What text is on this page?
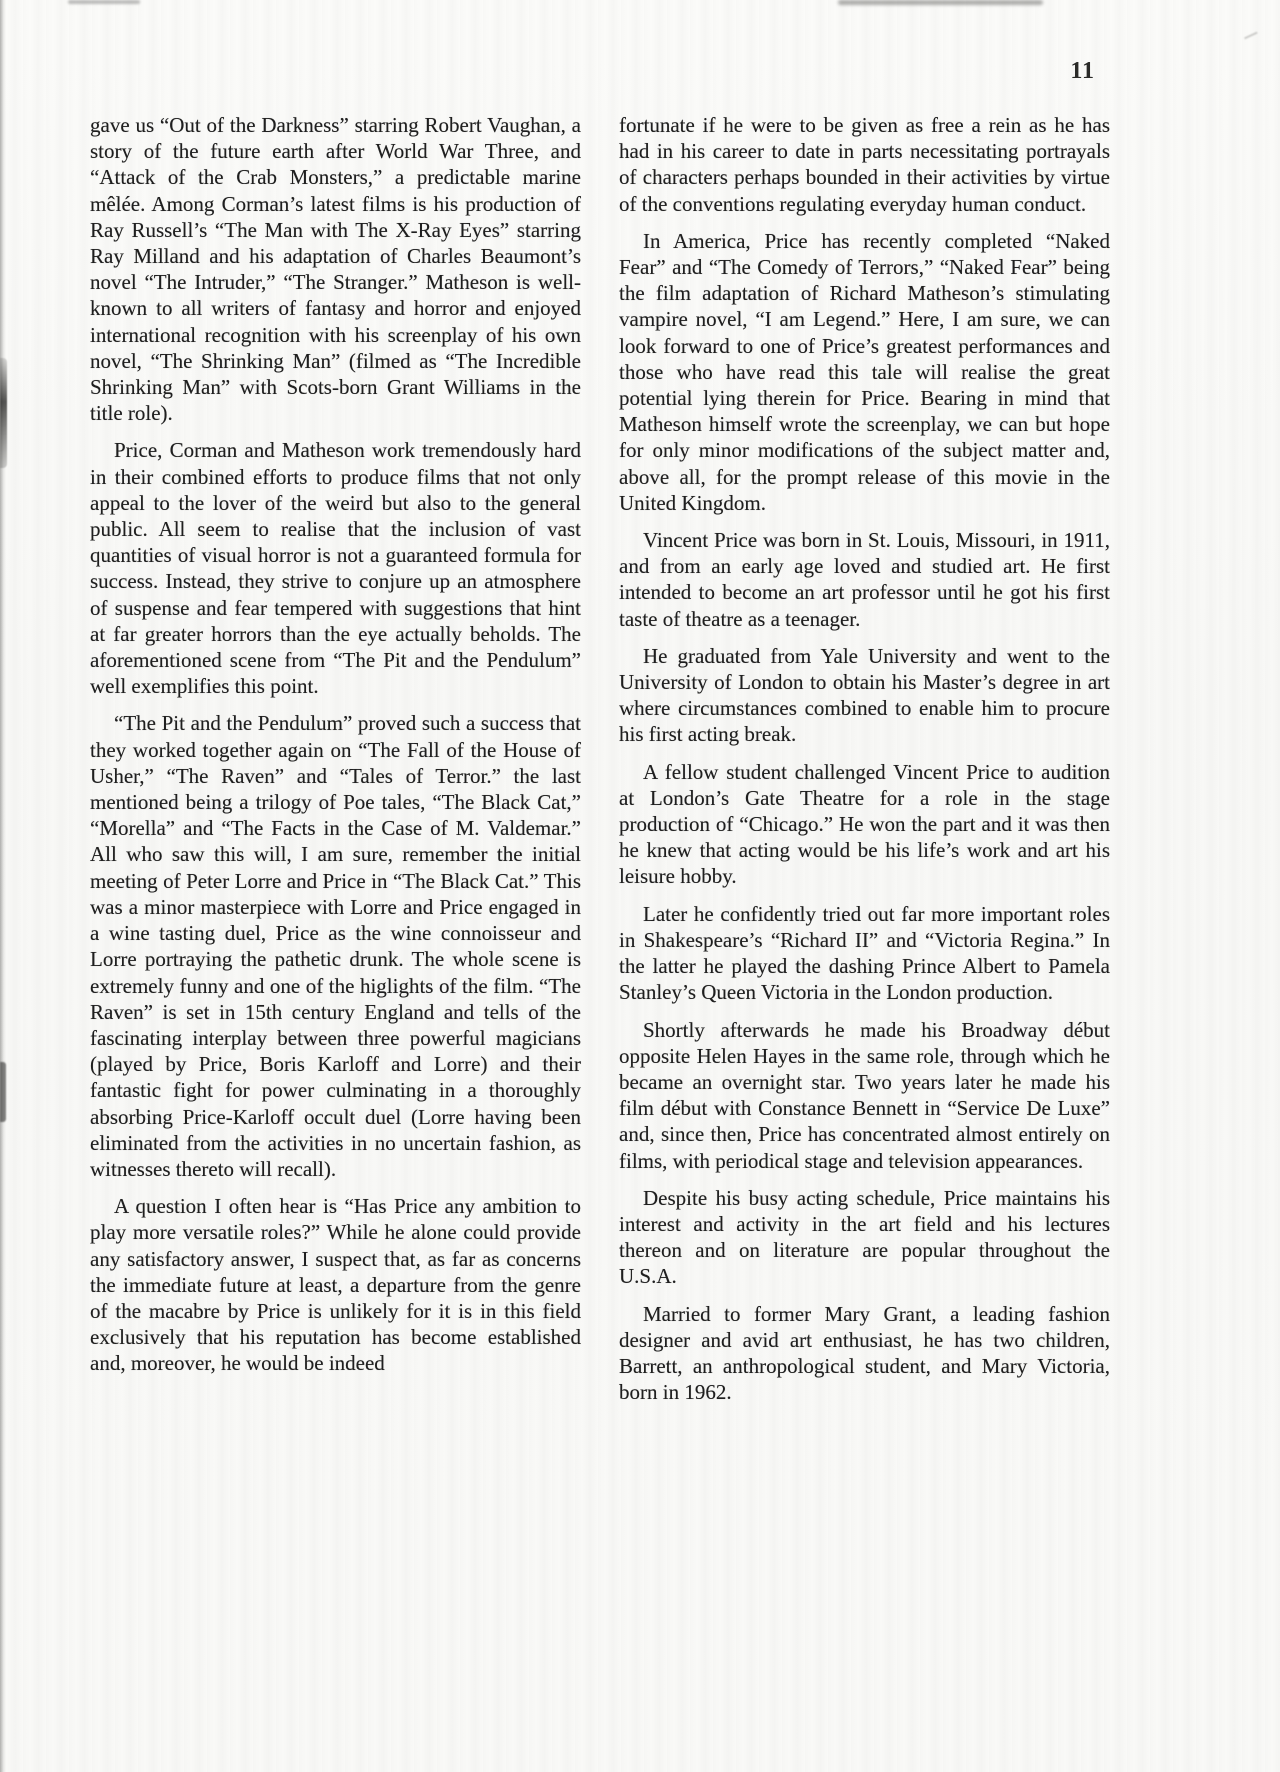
11

gave us “Out of the Darkness” starring Robert Vaughan, a story of the future earth after World War Three, and “Attack of the Crab Monsters,” a predictable marine mêlée. Among Corman’s latest films is his production of Ray Russell’s “The Man with The X-Ray Eyes” starring Ray Milland and his adaptation of Charles Beaumont’s novel “The Intruder,” “The Stranger.” Matheson is well-known to all writers of fantasy and horror and enjoyed international recognition with his screenplay of his own novel, “The Shrinking Man” (filmed as “The Incredible Shrinking Man” with Scots-born Grant Williams in the title role).

Price, Corman and Matheson work tremendously hard in their combined efforts to produce films that not only appeal to the lover of the weird but also to the general public. All seem to realise that the inclusion of vast quantities of visual horror is not a guaranteed formula for success. Instead, they strive to conjure up an atmosphere of suspense and fear tempered with suggestions that hint at far greater horrors than the eye actually beholds. The aforementioned scene from “The Pit and the Pendulum” well exemplifies this point.

“The Pit and the Pendulum” proved such a success that they worked together again on “The Fall of the House of Usher,” “The Raven” and “Tales of Terror.” the last mentioned being a trilogy of Poe tales, “The Black Cat,” “Morella” and “The Facts in the Case of M. Valdemar.” All who saw this will, I am sure, remember the initial meeting of Peter Lorre and Price in “The Black Cat.” This was a minor masterpiece with Lorre and Price engaged in a wine tasting duel, Price as the wine connoisseur and Lorre portraying the pathetic drunk. The whole scene is extremely funny and one of the higlights of the film. “The Raven” is set in 15th century England and tells of the fascinating interplay between three powerful magicians (played by Price, Boris Karloff and Lorre) and their fantastic fight for power culminating in a thoroughly absorbing Price-Karloff occult duel (Lorre having been eliminated from the activities in no uncertain fashion, as witnesses thereto will recall).

A question I often hear is “Has Price any ambition to play more versatile roles?” While he alone could provide any satisfactory answer, I suspect that, as far as concerns the immediate future at least, a departure from the genre of the macabre by Price is unlikely for it is in this field exclusively that his reputation has become established and, moreover, he would be indeed

fortunate if he were to be given as free a rein as he has had in his career to date in parts necessitating portrayals of characters perhaps bounded in their activities by virtue of the conventions regulating everyday human conduct.

In America, Price has recently completed “Naked Fear” and “The Comedy of Terrors,” “Naked Fear” being the film adaptation of Richard Matheson’s stimulating vampire novel, “I am Legend.” Here, I am sure, we can look forward to one of Price’s greatest performances and those who have read this tale will realise the great potential lying therein for Price. Bearing in mind that Matheson himself wrote the screenplay, we can but hope for only minor modifications of the subject matter and, above all, for the prompt release of this movie in the United Kingdom.

Vincent Price was born in St. Louis, Missouri, in 1911, and from an early age loved and studied art. He first intended to become an art professor until he got his first taste of theatre as a teenager.

He graduated from Yale University and went to the University of London to obtain his Master’s degree in art where circumstances combined to enable him to procure his first acting break.

A fellow student challenged Vincent Price to audition at London’s Gate Theatre for a role in the stage production of “Chicago.” He won the part and it was then he knew that acting would be his life’s work and art his leisure hobby.

Later he confidently tried out far more important roles in Shakespeare’s “Richard II” and “Victoria Regina.” In the latter he played the dashing Prince Albert to Pamela Stanley’s Queen Victoria in the London production.

Shortly afterwards he made his Broadway début opposite Helen Hayes in the same role, through which he became an overnight star. Two years later he made his film début with Constance Bennett in “Service De Luxe” and, since then, Price has concentrated almost entirely on films, with periodical stage and television appearances.

Despite his busy acting schedule, Price maintains his interest and activity in the art field and his lectures thereon and on literature are popular throughout the U.S.A.

Married to former Mary Grant, a leading fashion designer and avid art enthusiast, he has two children, Barrett, an anthropological student, and Mary Victoria, born in 1962.
